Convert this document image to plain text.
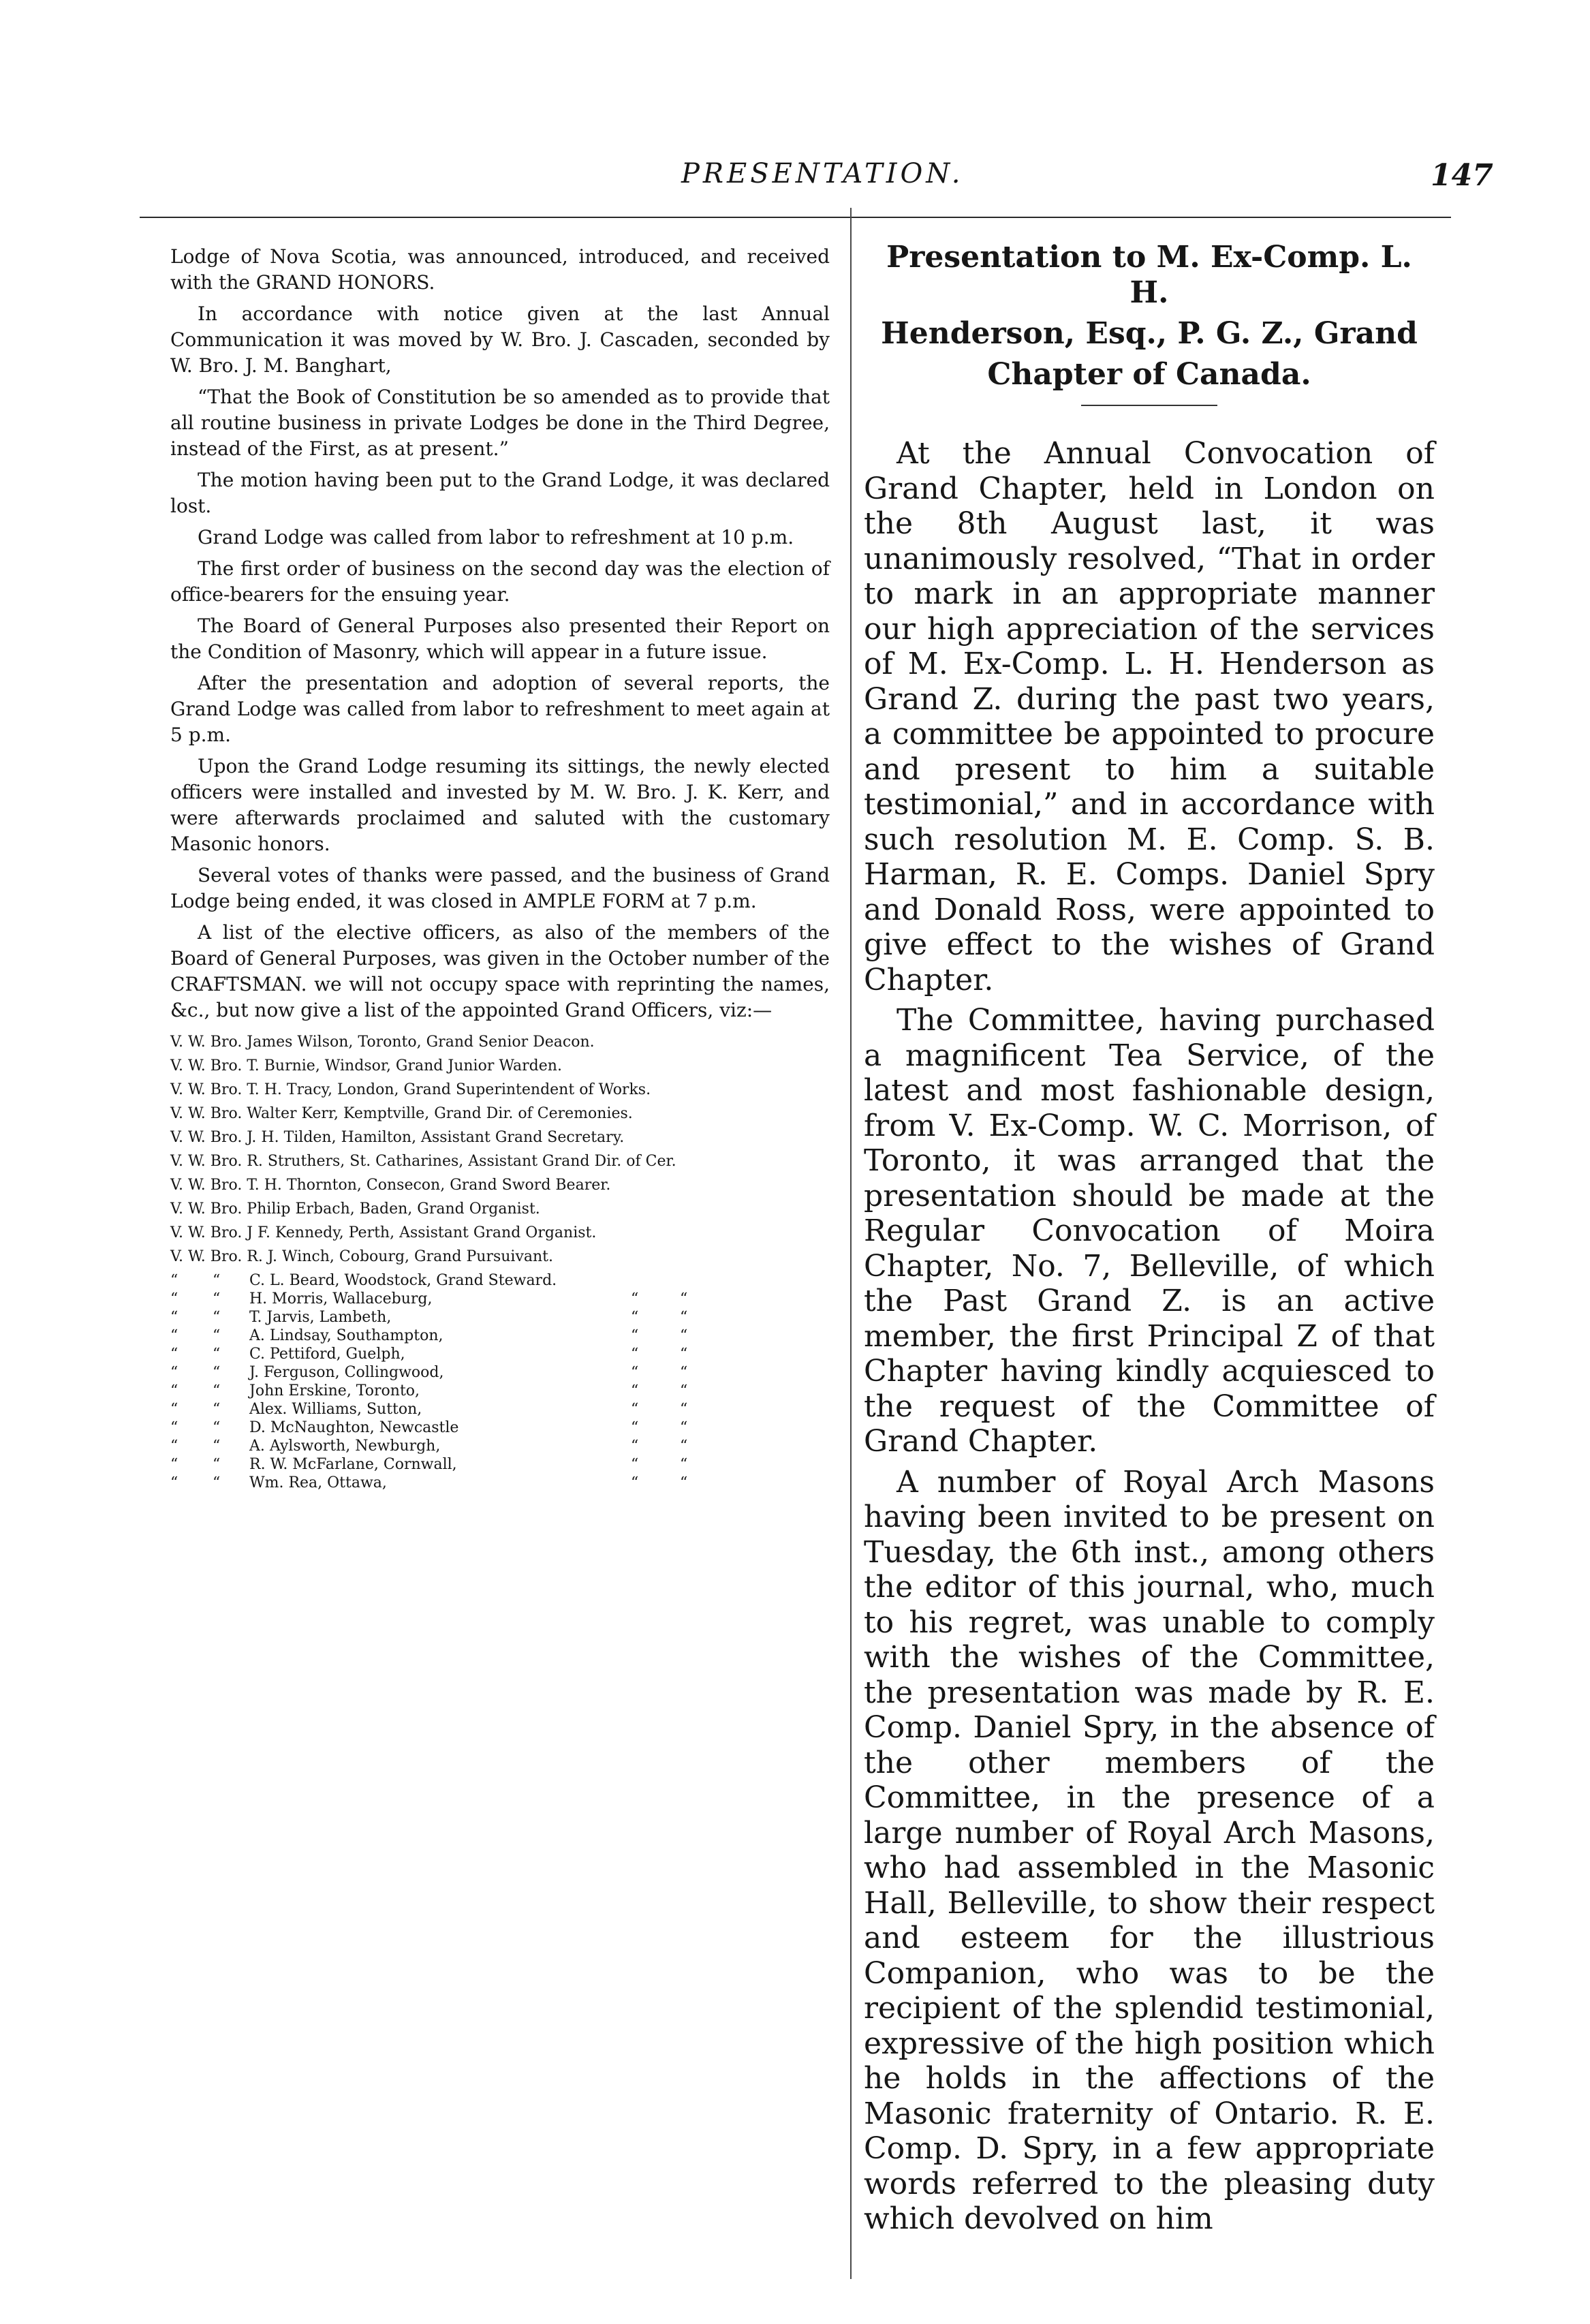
PRESENTATION.	147

Lodge of Nova Scotia, was announced, introduced, and received with the GRAND HONORS.

In accordance with notice given at the last Annual Communication it was moved by W. Bro. J. Cascaden, seconded by W. Bro. J. M. Banghart,

“That the Book of Constitution be so amended as to provide that all routine business in private Lodges be done in the Third Degree, instead of the First, as at present.”

The motion having been put to the Grand Lodge, it was declared lost.

Grand Lodge was called from labor to refreshment at 10 p.m.

The first order of business on the second day was the election of office-bearers for the ensuing year.

The Board of General Purposes also presented their Report on the Condition of Masonry, which will appear in a future issue.

After the presentation and adoption of several reports, the Grand Lodge was called from labor to refreshment to meet again at 5 p.m.

Upon the Grand Lodge resuming its sittings, the newly elected officers were installed and invested by M. W. Bro. J. K. Kerr, and were afterwards proclaimed and saluted with the customary Masonic honors.

Several votes of thanks were passed, and the business of Grand Lodge being ended, it was closed in AMPLE FORM at 7 p.m.

A list of the elective officers, as also of the members of the Board of General Purposes, was given in the October number of the CRAFTSMAN. we will not occupy space with reprinting the names, &c., but now give a list of the appointed Grand Officers, viz:—

V. W. Bro. James Wilson, Toronto, Grand Senior Deacon.

V. W. Bro. T. Burnie, Windsor, Grand Junior Warden.

V. W. Bro. T. H. Tracy, London, Grand Superintendent of Works.

V. W. Bro. Walter Kerr, Kemptville, Grand Dir. of Ceremonies.

V. W. Bro. J. H. Tilden, Hamilton, Assistant Grand Secretary.

V. W. Bro. R. Struthers, St. Catharines, Assistant Grand Dir. of Cer.

V. W. Bro. T. H. Thornton, Consecon, Grand Sword Bearer.

V. W. Bro. Philip Erbach, Baden, Grand Organist.

V. W. Bro. J F. Kennedy, Perth, Assistant Grand Organist.

V. W. Bro. R. J. Winch, Cobourg, Grand Pursuivant.

“	“	C. L. Beard, Woodstock, Grand Steward.
“	“	H. Morris, Wallaceburg,	“	“
“	“	T. Jarvis, Lambeth,	“	“
“	“	A. Lindsay, Southampton,	“	“
“	“	C. Pettiford, Guelph,	“	“
“	“	J. Ferguson, Collingwood,	“	“
“	“	John Erskine, Toronto,	“	“
“	“	Alex. Williams, Sutton,	“	“
“	“	D. McNaughton, Newcastle	“	“
“	“	A. Aylsworth, Newburgh,	“	“
“	“	R. W. McFarlane, Cornwall,	“	“
“	“	Wm. Rea, Ottawa,	“	“

Presentation to M. Ex-Comp. L. H.

Henderson, Esq., P. G. Z., Grand

Chapter of Canada.

At the Annual Convocation of Grand Chapter, held in London on the 8th August last, it was unanimously resolved, “That in order to mark in an appropriate manner our high appreciation of the services of M. Ex-Comp. L. H. Henderson as Grand Z. during the past two years, a committee be appointed to procure and present to him a suitable testimonial,” and in accordance with such resolution M. E. Comp. S. B. Harman, R. E. Comps. Daniel Spry and Donald Ross, were appointed to give effect to the wishes of Grand Chapter.

The Committee, having purchased a magnificent Tea Service, of the latest and most fashionable design, from V. Ex-Comp. W. C. Morrison, of Toronto, it was arranged that the presentation should be made at the Regular Convocation of Moira Chapter, No. 7, Belleville, of which the Past Grand Z. is an active member, the first Principal Z of that Chapter having kindly acquiesced to the request of the Committee of Grand Chapter.

A number of Royal Arch Masons having been invited to be present on Tuesday, the 6th inst., among others the editor of this journal, who, much to his regret, was unable to comply with the wishes of the Committee, the presentation was made by R. E. Comp. Daniel Spry, in the absence of the other members of the Committee, in the presence of a large number of Royal Arch Masons, who had assembled in the Masonic Hall, Belleville, to show their respect and esteem for the illustrious Companion, who was to be the recipient of the splendid testimonial, expressive of the high position which he holds in the affections of the Masonic fraternity of Ontario. R. E. Comp. D. Spry, in a few appropriate words referred to the pleasing duty which devolved on him
